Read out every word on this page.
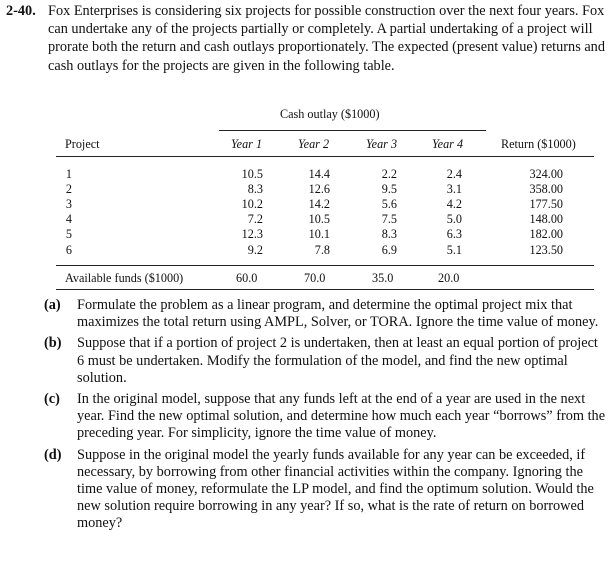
2-40. Fox Enterprises is considering six projects for possible construction over the next four years. Fox can undertake any of the projects partially or completely. A partial undertaking of a project will prorate both the return and cash outlays proportionately. The expected (present value) returns and cash outlays for the projects are given in the following table.
Cash outlay ($1000)
Project	Year 1	Year 2	Year 3	Year 4	Return ($1000)
1	10.5	14.4	2.2	2.4	324.00
2	8.3	12.6	9.5	3.1	358.00
3	10.2	14.2	5.6	4.2	177.50
4	7.2	10.5	7.5	5.0	148.00
5	12.3	10.1	8.3	6.3	182.00
6	9.2	7.8	6.9	5.1	123.50
Available funds ($1000)	60.0	70.0	35.0	20.0
(a) Formulate the problem as a linear program, and determine the optimal project mix that maximizes the total return using AMPL, Solver, or TORA. Ignore the time value of money.
(b) Suppose that if a portion of project 2 is undertaken, then at least an equal portion of project 6 must be undertaken. Modify the formulation of the model, and find the new optimal solution.
(c) In the original model, suppose that any funds left at the end of a year are used in the next year. Find the new optimal solution, and determine how much each year “borrows” from the preceding year. For simplicity, ignore the time value of money.
(d) Suppose in the original model the yearly funds available for any year can be exceeded, if necessary, by borrowing from other financial activities within the company. Ignoring the time value of money, reformulate the LP model, and find the optimum solution. Would the new solution require borrowing in any year? If so, what is the rate of return on borrowed money?
